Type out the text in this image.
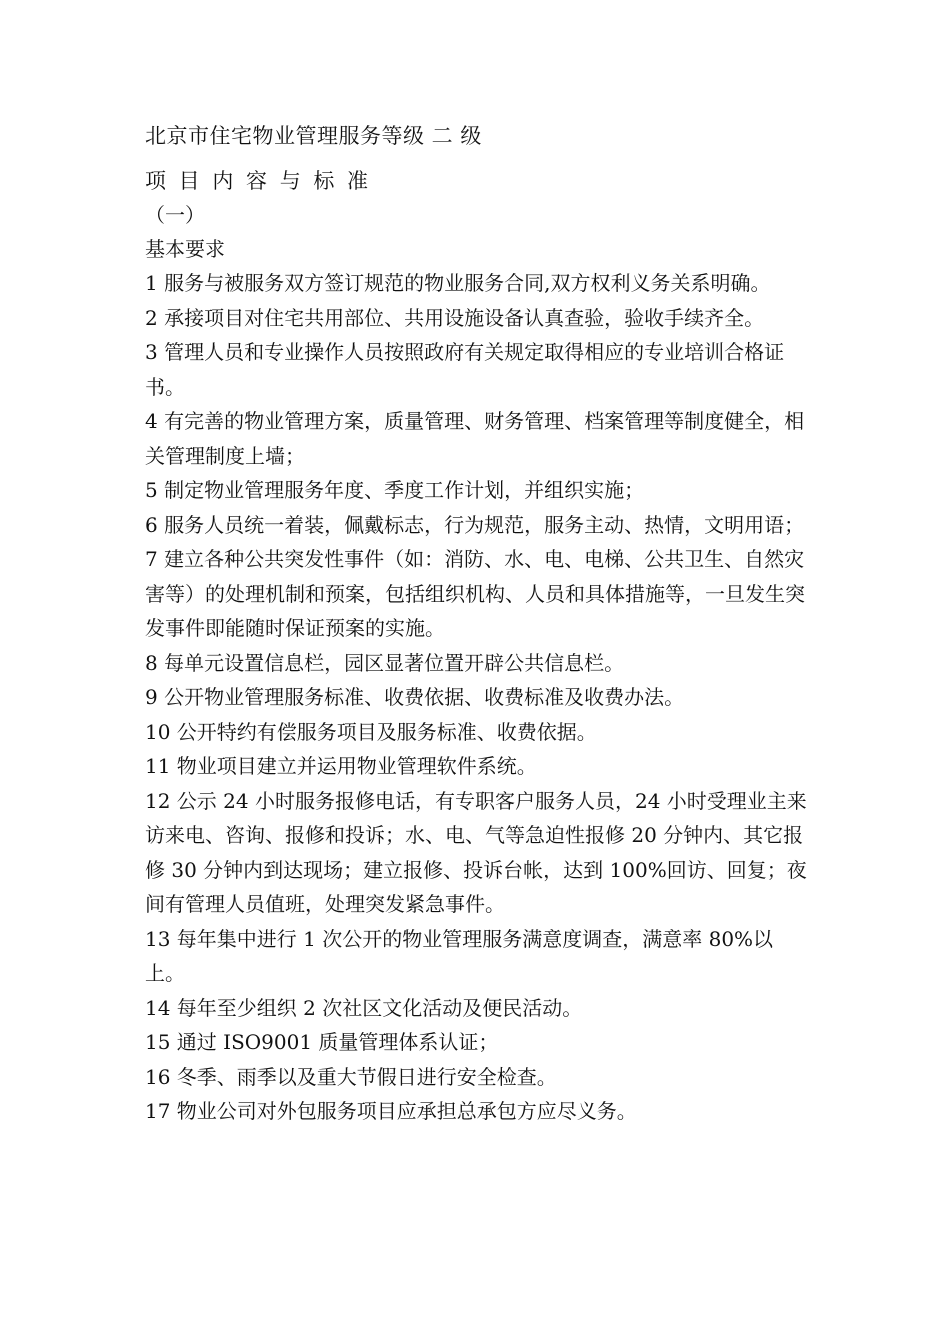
北京市住宅物业管理服务等级 二 级
项 目 内 容 与 标 准
（一）
基本要求
1 服务与被服务双方签订规范的物业服务合同,双方权利义务关系明确。
2 承接项目对住宅共用部位、共用设施设备认真查验，验收手续齐全。
3 管理人员和专业操作人员按照政府有关规定取得相应的专业培训合格证书。
4 有完善的物业管理方案，质量管理、财务管理、档案管理等制度健全，相关管理制度上墙；
5 制定物业管理服务年度、季度工作计划，并组织实施；
6 服务人员统一着装，佩戴标志，行为规范，服务主动、热情，文明用语；
7 建立各种公共突发性事件（如：消防、水、电、电梯、公共卫生、自然灾害等）的处理机制和预案，包括组织机构、人员和具体措施等，一旦发生突发事件即能随时保证预案的实施。
8 每单元设置信息栏，园区显著位置开辟公共信息栏。
9 公开物业管理服务标准、收费依据、收费标准及收费办法。
10 公开特约有偿服务项目及服务标准、收费依据。
11 物业项目建立并运用物业管理软件系统。
12 公示 24 小时服务报修电话，有专职客户服务人员，24 小时受理业主来访来电、咨询、报修和投诉；水、电、气等急迫性报修 20 分钟内、其它报修 30 分钟内到达现场；建立报修、投诉台帐，达到 100%回访、回复；夜间有管理人员值班，处理突发紧急事件。
13 每年集中进行 1 次公开的物业管理服务满意度调查，满意率 80%以上。
14 每年至少组织 2 次社区文化活动及便民活动。
15 通过 ISO9001 质量管理体系认证；
16 冬季、雨季以及重大节假日进行安全检查。
17 物业公司对外包服务项目应承担总承包方应尽义务。
